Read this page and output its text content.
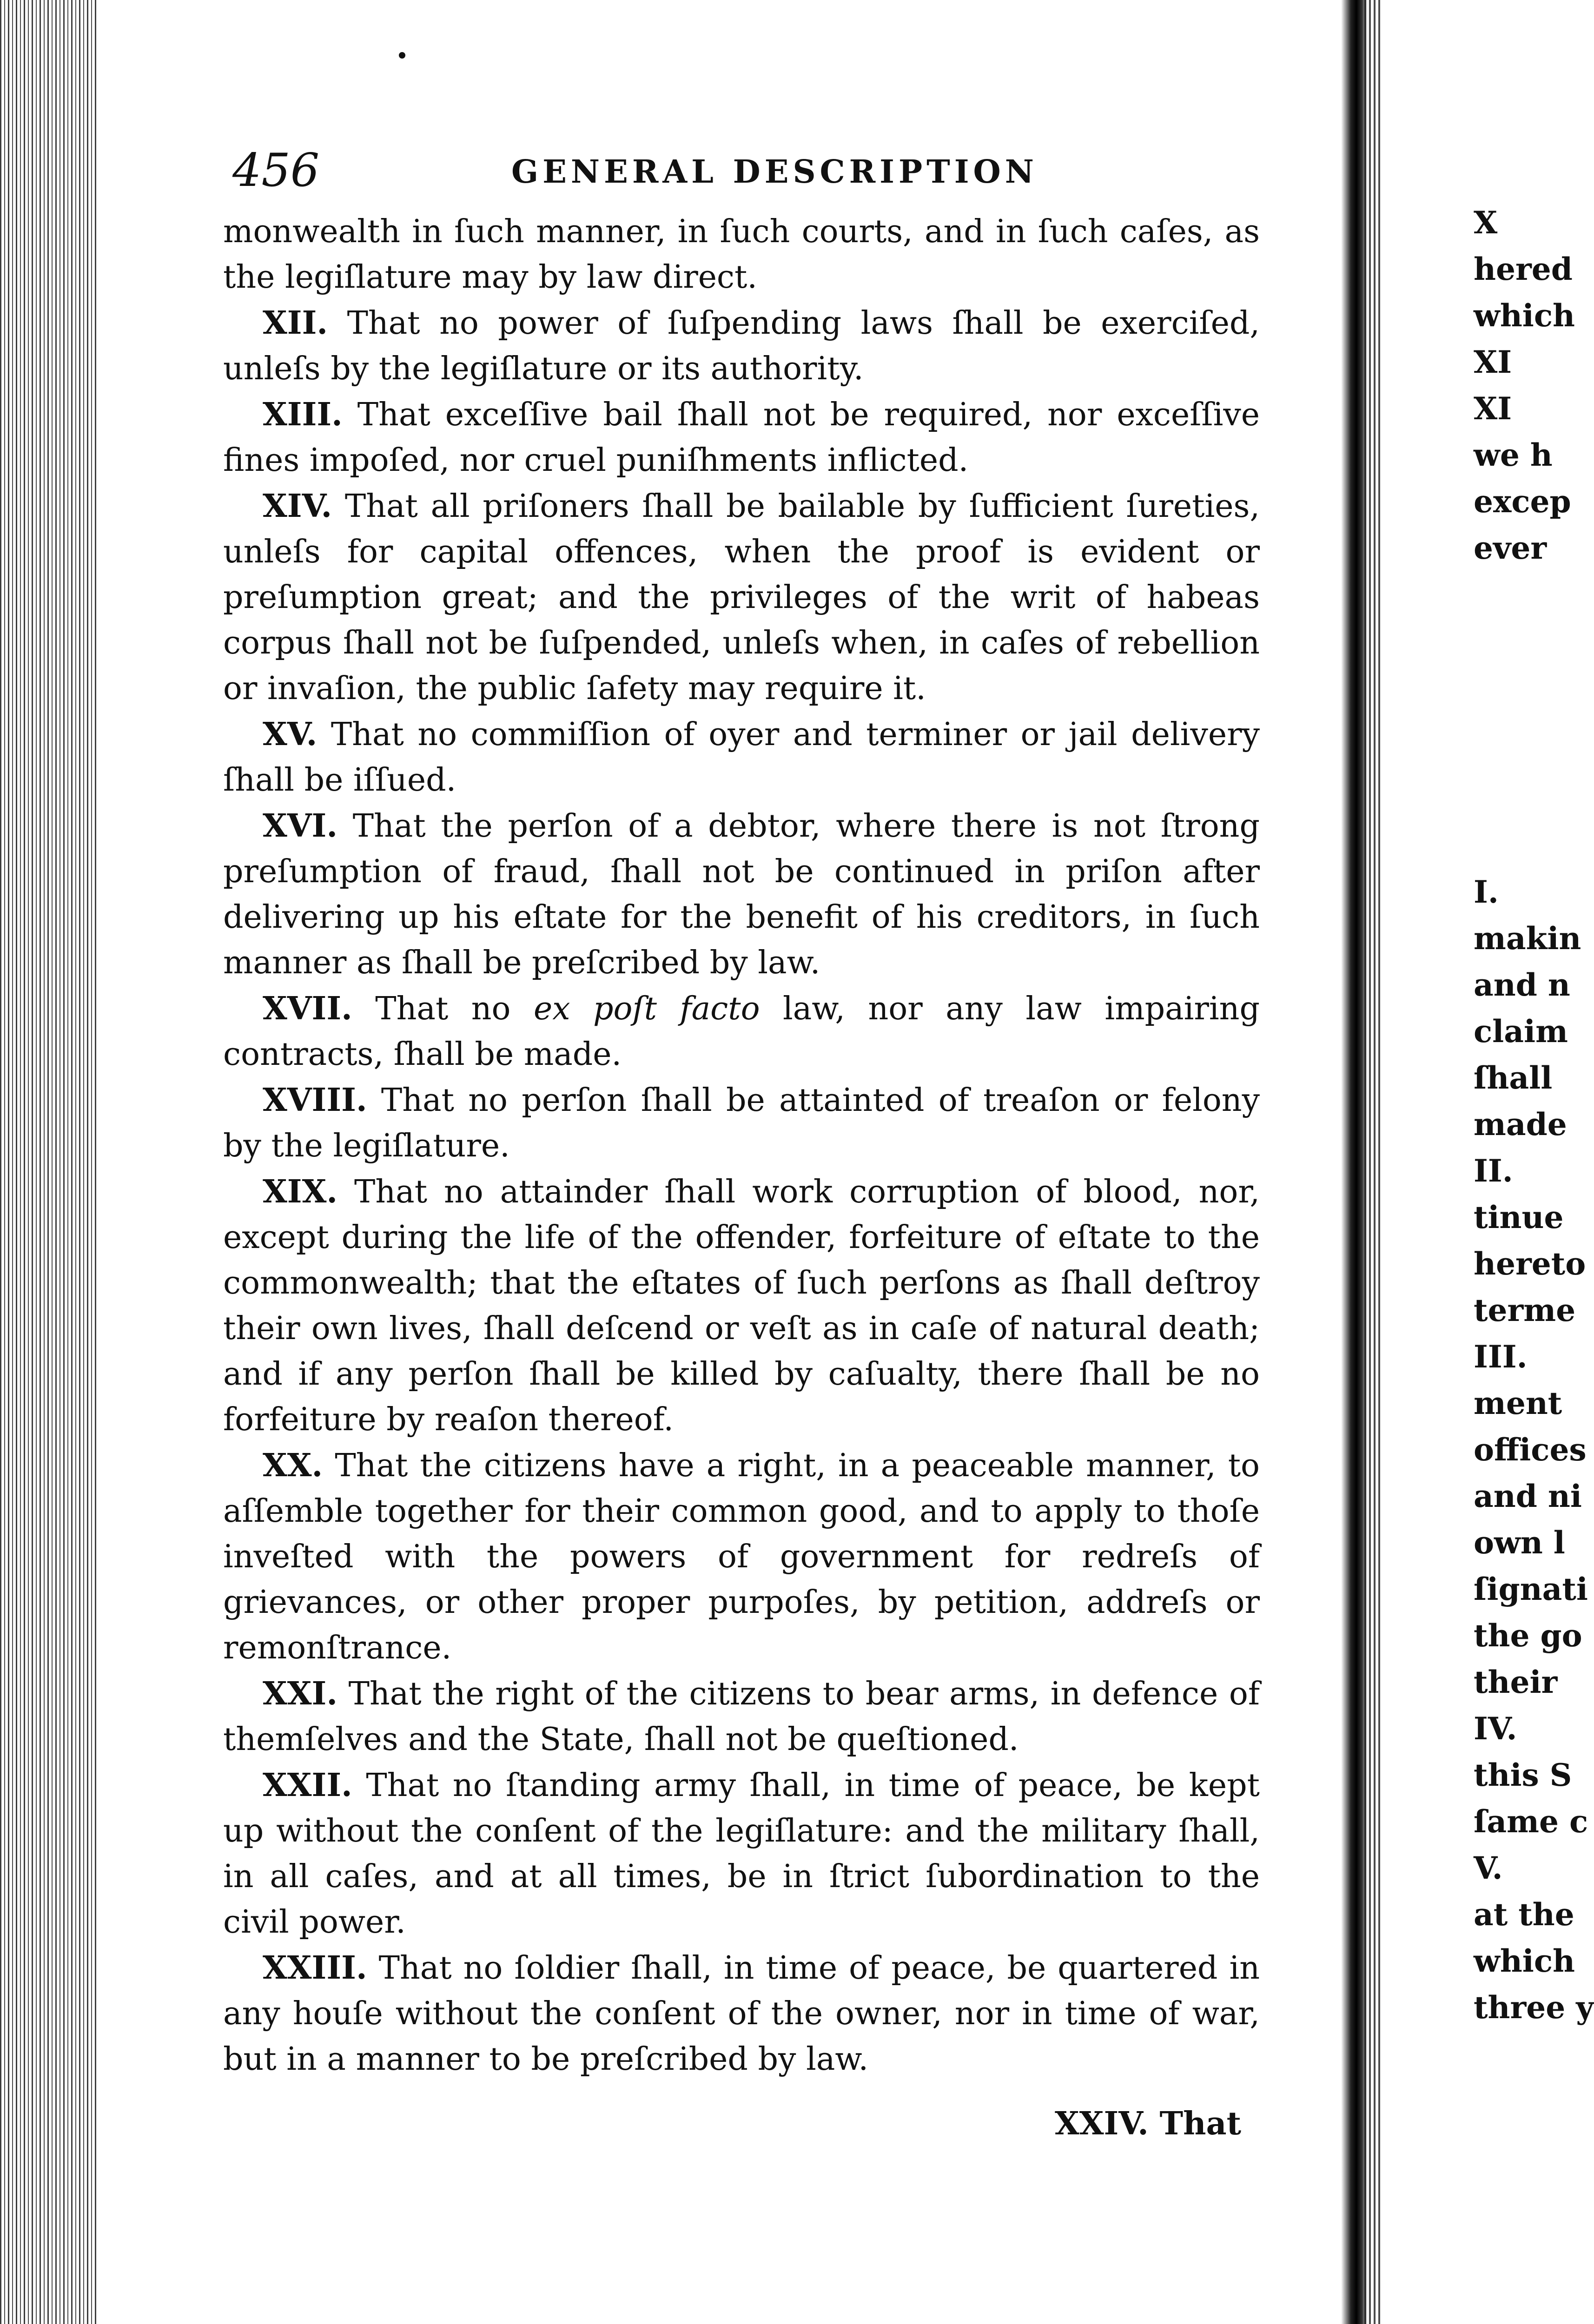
456	GENERAL DESCRIPTION

monwealth in ſuch manner, in ſuch courts, and in ſuch caſes, as the legiſlature may by law direct.

XII. That no power of ſuſpending laws ſhall be exerciſed, unleſs by the legiſlature or its authority.

XIII. That exceſſive bail ſhall not be required, nor exceſſive fines impoſed, nor cruel puniſhments inflicted.

XIV. That all priſoners ſhall be bailable by ſufficient ſureties, unleſs for capital offences, when the proof is evident or preſumption great; and the privileges of the writ of habeas corpus ſhall not be ſuſpended, unleſs when, in caſes of rebellion or invaſion, the public ſafety may require it.

XV. That no commiſſion of oyer and terminer or jail delivery ſhall be iſſued.

XVI. That the perſon of a debtor, where there is not ſtrong preſumption of fraud, ſhall not be continued in priſon after delivering up his eſtate for the benefit of his creditors, in ſuch manner as ſhall be preſcribed by law.

XVII. That no ex poſt facto law, nor any law impairing contracts, ſhall be made.

XVIII. That no perſon ſhall be attainted of treaſon or felony by the legiſlature.

XIX. That no attainder ſhall work corruption of blood, nor, except during the life of the offender, forfeiture of eſtate to the commonwealth; that the eſtates of ſuch perſons as ſhall deſtroy their own lives, ſhall deſcend or veſt as in caſe of natural death; and if any perſon ſhall be killed by caſualty, there ſhall be no forfeiture by reaſon thereof.

XX. That the citizens have a right, in a peaceable manner, to aſſemble together for their common good, and to apply to thoſe inveſted with the powers of government for redreſs of grievances, or other proper purpoſes, by petition, addreſs or remonſtrance.

XXI. That the right of the citizens to bear arms, in defence of themſelves and the State, ſhall not be queſtioned.

XXII. That no ſtanding army ſhall, in time of peace, be kept up without the conſent of the legiſlature: and the military ſhall, in all caſes, and at all times, be in ſtrict ſubordination to the civil power.

XXIII. That no ſoldier ſhall, in time of peace, be quartered in any houſe without the conſent of the owner, nor in time of war, but in a manner to be preſcribed by law.

XXIV. That
X
hered
which
XI
XI
we h
excep
ever
I.
makin
and n
claim
ſhall
made
II.
tinue
hereto
terme
III.
ment
offices
and ni
own l
ſignati
the go
their
IV.
this S
ſame c
V.
at the
which
three y
